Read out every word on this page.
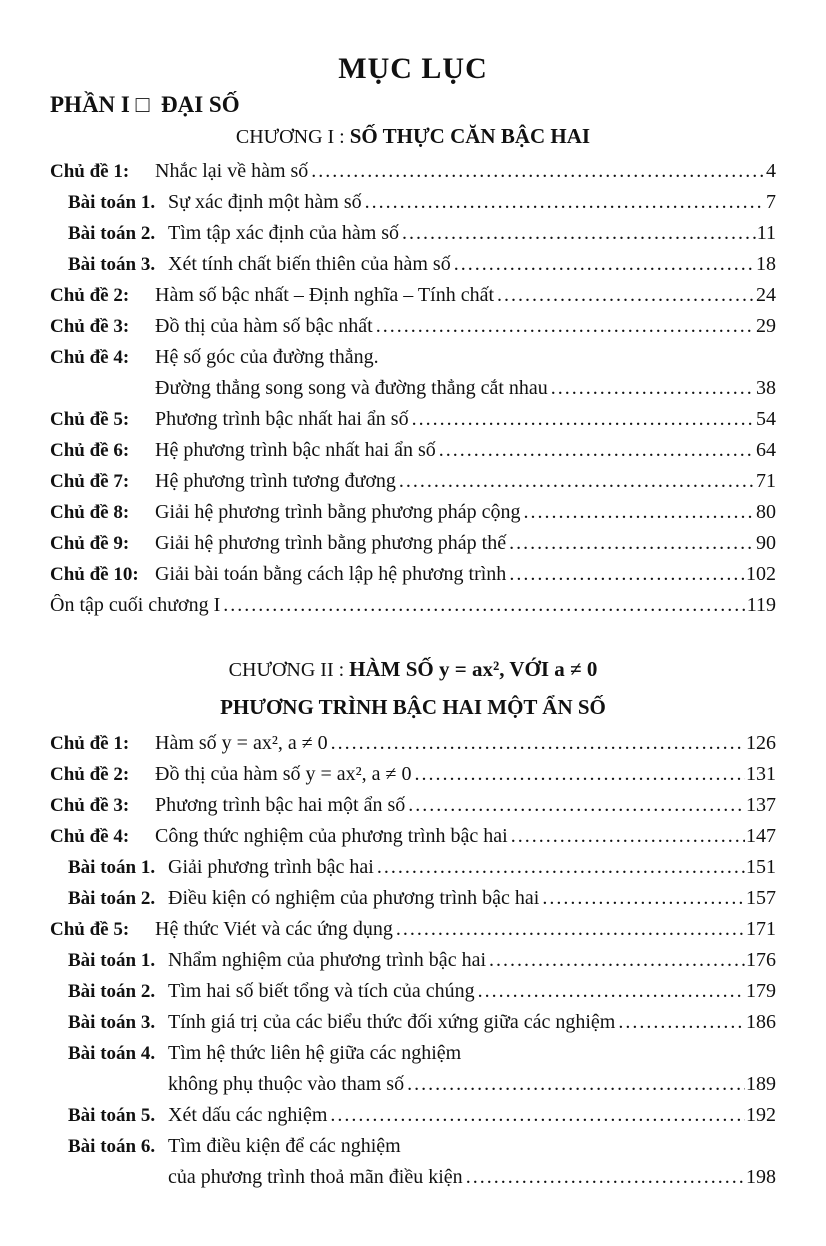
MỤC LỤC
PHẦN I □  ĐẠI SỐ
CHƯƠNG I : SỐ THỰC CĂN BẬC HAI
Chủ đề 1:	Nhắc lại về hàm số .....	4
Bài toán 1. Sự xác định một hàm số .....	7
Bài toán 2. Tìm tập xác định của hàm số .....	11
Bài toán 3. Xét tính chất biến thiên của hàm số .....	18
Chủ đề 2:	Hàm số bậc nhất – Định nghĩa – Tính chất .....	24
Chủ đề 3:	Đồ thị của hàm số bậc nhất .....	29
Chủ đề 4:	Hệ số góc của đường thẳng.
Đường thẳng song song và đường thẳng cắt nhau .....	38
Chủ đề 5:	Phương trình bậc nhất hai ẩn số .....	54
Chủ đề 6:	Hệ phương trình bậc nhất hai ẩn số .....	64
Chủ đề 7:	Hệ phương trình tương đương .....	71
Chủ đề 8:	Giải hệ phương trình bằng phương pháp cộng .....	80
Chủ đề 9:	Giải hệ phương trình bằng phương pháp thế .....	90
Chủ đề 10: Giải bài toán bằng cách lập hệ phương trình .....	102
Ôn tập cuối chương I .....	119
CHƯƠNG II : HÀM SỐ y = ax², VỚI a ≠ 0
PHƯƠNG TRÌNH BẬC HAI MỘT ẨN SỐ
Chủ đề 1:	Hàm số y = ax², a ≠ 0 .....	126
Chủ đề 2:	Đồ thị của hàm số y = ax², a ≠ 0 .....	131
Chủ đề 3:	Phương trình bậc hai một ẩn số .....	137
Chủ đề 4:	Công thức nghiệm của phương trình bậc hai .....	147
Bài toán 1. Giải phương trình bậc hai .....	151
Bài toán 2. Điều kiện có nghiệm của phương trình bậc hai .....	157
Chủ đề 5:	Hệ thức Viét và các ứng dụng .....	171
Bài toán 1. Nhẩm nghiệm của phương trình bậc hai .....	176
Bài toán 2. Tìm hai số biết tổng và tích của chúng .....	179
Bài toán 3. Tính giá trị của các biểu thức đối xứng giữa các nghiệm .....	186
Bài toán 4. Tìm hệ thức liên hệ giữa các nghiệm
không phụ thuộc vào tham số .....	189
Bài toán 5. Xét dấu các nghiệm .....	192
Bài toán 6. Tìm điều kiện để các nghiệm
của phương trình thoả mãn điều kiện .....	198
